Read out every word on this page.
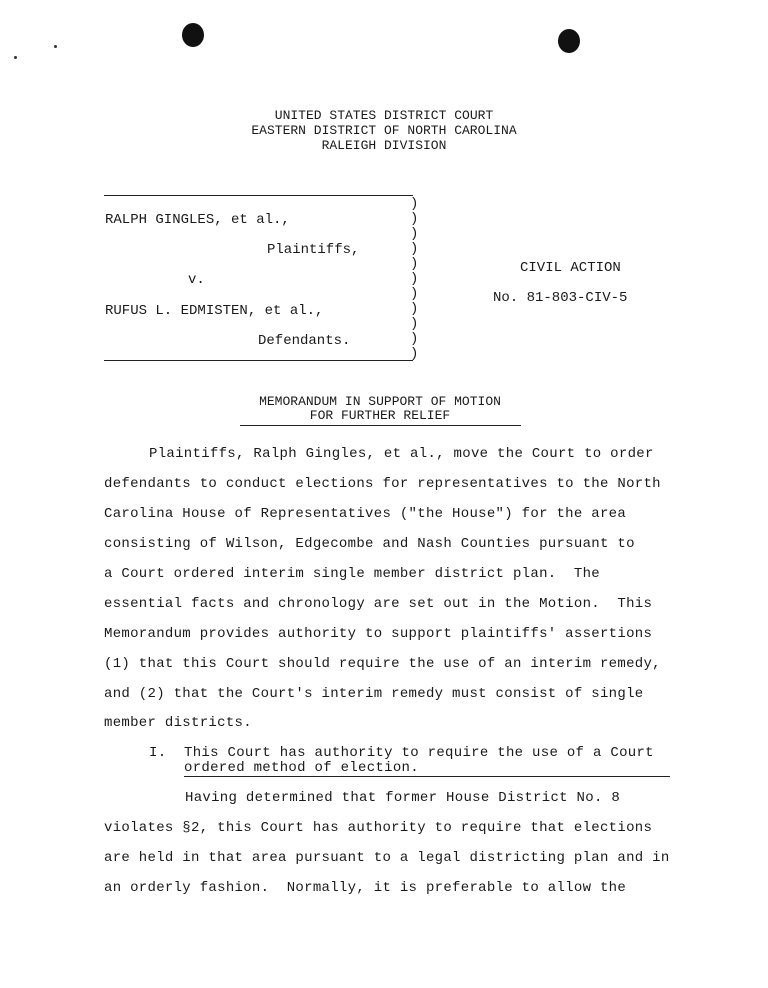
UNITED STATES DISTRICT COURT
EASTERN DISTRICT OF NORTH CAROLINA
RALEIGH DIVISION
RALPH GINGLES, et al.,
Plaintiffs,
v.
RUFUS L. EDMISTEN, et al.,
Defendants.
)
)
)
)
)
)
)
)
)
)
)
CIVIL ACTION
No. 81-803-CIV-5
MEMORANDUM IN SUPPORT OF MOTION
FOR FURTHER RELIEF
Plaintiffs, Ralph Gingles, et al., move the Court to order
defendants to conduct elections for representatives to the North
Carolina House of Representatives ("the House") for the area
consisting of Wilson, Edgecombe and Nash Counties pursuant to
a Court ordered interim single member district plan.  The
essential facts and chronology are set out in the Motion.  This
Memorandum provides authority to support plaintiffs' assertions
(1) that this Court should require the use of an interim remedy,
and (2) that the Court's interim remedy must consist of single
member districts.
I. This Court has authority to require the use of a Court
ordered method of election.
Having determined that former House District No. 8
violates §2, this Court has authority to require that elections
are held in that area pursuant to a legal districting plan and in
an orderly fashion.  Normally, it is preferable to allow the
